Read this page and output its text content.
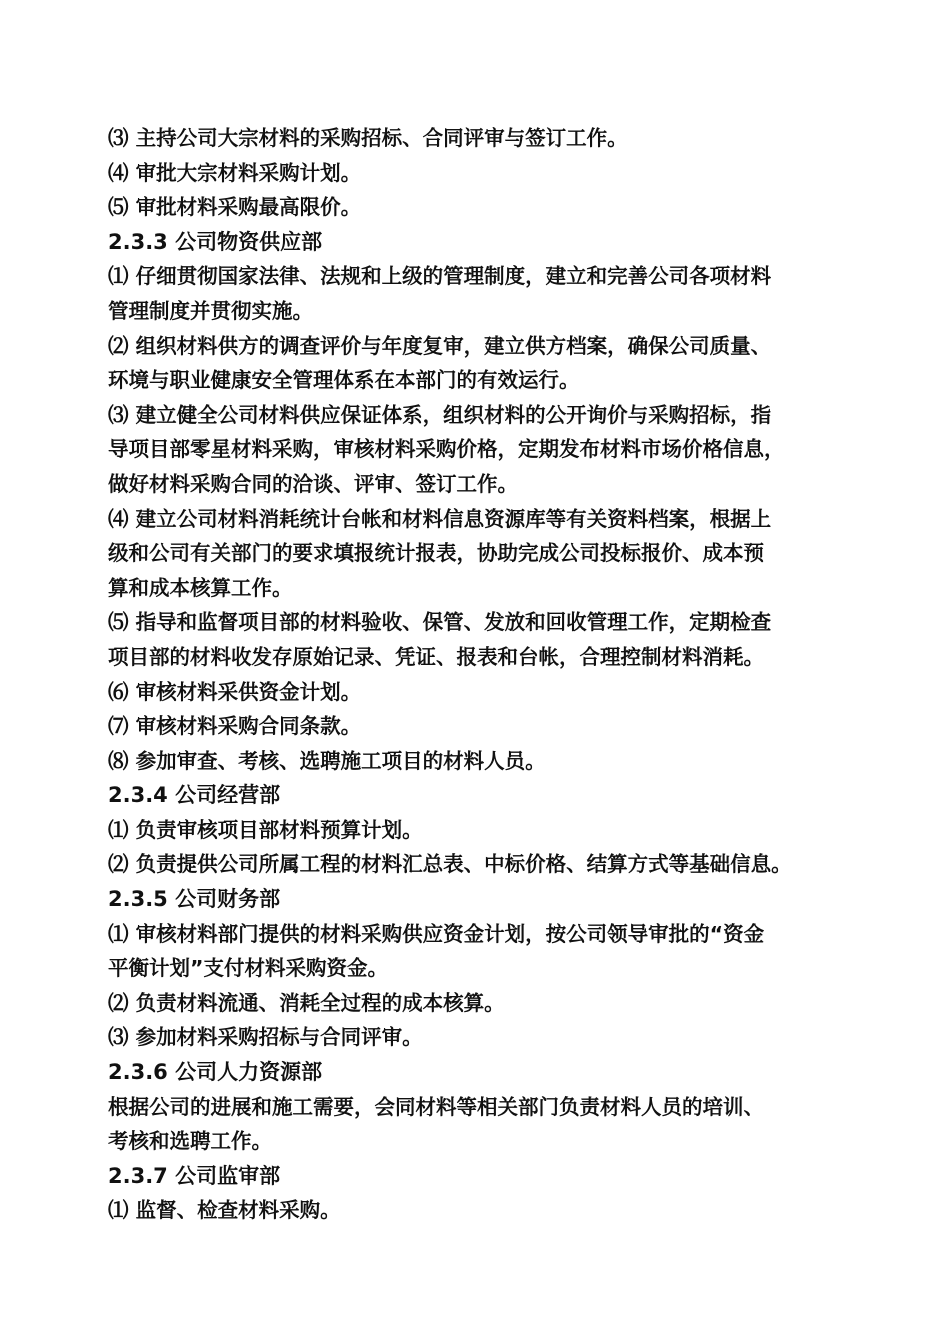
⑶ 主持公司大宗材料的采购招标、合同评审与签订工作。
⑷ 审批大宗材料采购计划。
⑸ 审批材料采购最高限价。
2.3.3 公司物资供应部
⑴ 仔细贯彻国家法律、法规和上级的管理制度，建立和完善公司各项材料
管理制度并贯彻实施。
⑵ 组织材料供方的调查评价与年度复审，建立供方档案，确保公司质量、
环境与职业健康安全管理体系在本部门的有效运行。
⑶ 建立健全公司材料供应保证体系，组织材料的公开询价与采购招标，指
导项目部零星材料采购，审核材料采购价格，定期发布材料市场价格信息，
做好材料采购合同的洽谈、评审、签订工作。
⑷ 建立公司材料消耗统计台帐和材料信息资源库等有关资料档案，根据上
级和公司有关部门的要求填报统计报表，协助完成公司投标报价、成本预
算和成本核算工作。
⑸ 指导和监督项目部的材料验收、保管、发放和回收管理工作，定期检查
项目部的材料收发存原始记录、凭证、报表和台帐，合理控制材料消耗。
⑹ 审核材料采供资金计划。
⑺ 审核材料采购合同条款。
⑻ 参加审查、考核、选聘施工项目的材料人员。
2.3.4 公司经营部
⑴ 负责审核项目部材料预算计划。
⑵ 负责提供公司所属工程的材料汇总表、中标价格、结算方式等基础信息。
2.3.5 公司财务部
⑴ 审核材料部门提供的材料采购供应资金计划，按公司领导审批的“资金
平衡计划”支付材料采购资金。
⑵ 负责材料流通、消耗全过程的成本核算。
⑶ 参加材料采购招标与合同评审。
2.3.6 公司人力资源部
根据公司的进展和施工需要，会同材料等相关部门负责材料人员的培训、
考核和选聘工作。
2.3.7 公司监审部
⑴ 监督、检查材料采购。
